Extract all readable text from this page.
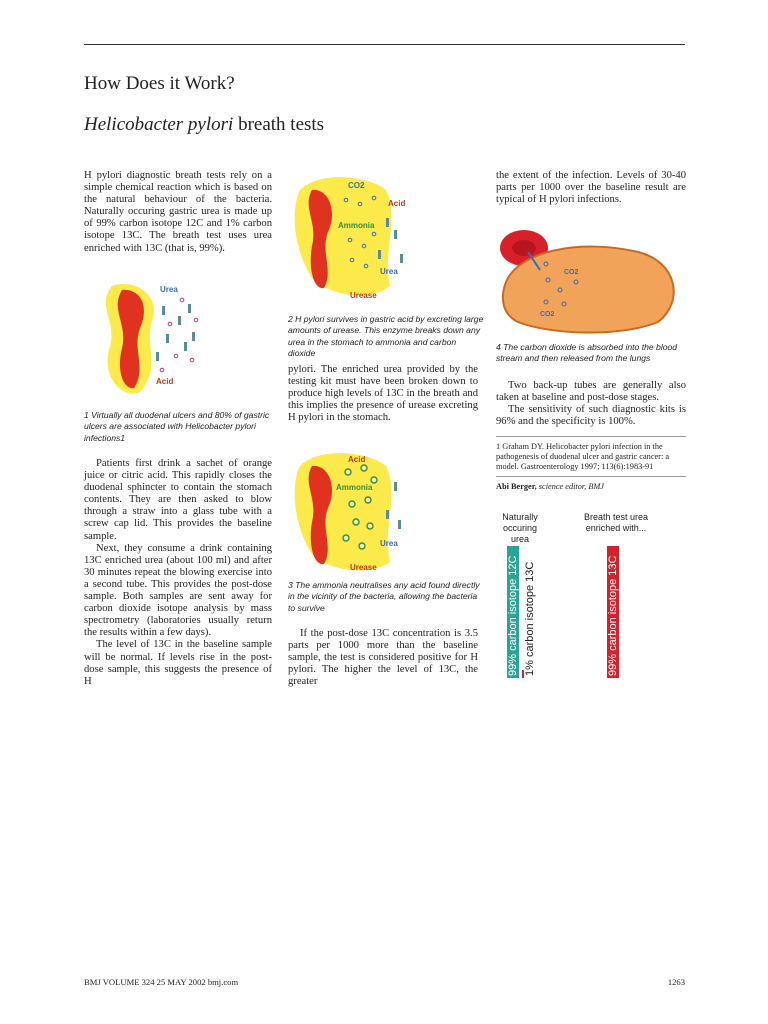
How Does it Work?
Helicobacter pylori breath tests
H pylori diagnostic breath tests rely on a simple chemical reaction which is based on the natural behaviour of the bacteria. Naturally occuring gastric urea is made up of 99% carbon isotope 12C and 1% carbon isotope 13C. The breath test uses urea enriched with 13C (that is, 99%).
Urea
Acid
1 Virtually all duodenal ulcers and 80% of gastric ulcers are associated with Helicobacter pylori infections1

Patients first drink a sachet of orange juice or citric acid. This rapidly closes the duodenal sphincter to contain the stomach contents. They are then asked to blow through a straw into a glass tube with a screw cap lid. This provides the baseline sample.

Next, they consume a drink containing 13C enriched urea (about 100 ml) and after 30 minutes repeat the blowing exercise into a second tube. This provides the post-dose sample. Both samples are sent away for carbon dioxide isotope analysis by mass spectrometry (laboratories usually return the results within a few days).

The level of 13C in the baseline sample will be normal. If levels rise in the post-dose sample, this suggests the presence of H

CO2
Acid
Ammonia
Urea
Urease
2 H pylori survives in gastric acid by excreting large amounts of urease. This enzyme breaks down any urea in the stomach to ammonia and carbon dioxide
pylori. The enriched urea provided by the testing kit must have been broken down to produce high levels of 13C in the breath and this implies the presence of urease excreting H pylori in the stomach.
Acid
Ammonia
Urea
Urease
3 The ammonia neutralises any acid found directly in the vicinity of the bacteria, allowing the bacteria to survive

If the post-dose 13C concentration is 3.5 parts per 1000 more than the baseline sample, the test is considered positive for H pylori. The higher the level of 13C, the greater

the extent of the infection. Levels of 30-40 parts per 1000 over the baseline result are typical of H pylori infections.
CO2
CO2
4 The carbon dioxide is absorbed into the blood stream and then released from the lungs

Two back-up tubes are generally also taken at baseline and post-dose stages.

The sensitivity of such diagnostic kits is 96% and the specificity is 100%.

1 Graham DY. Helicobacter pylori infection in the pathogenesis of duodenal ulcer and gastric cancer: a model. Gastroenterology 1997; 113(6):1983-91
Abi Berger, science editor, BMJ
Naturally occuring urea
Breath test urea enriched with...
99% carbon isotope 12C 1% carbon isotope 13C	99% carbon isotope 13C
BMJ VOLUME 324 25 MAY 2002 bmj.com	1263
